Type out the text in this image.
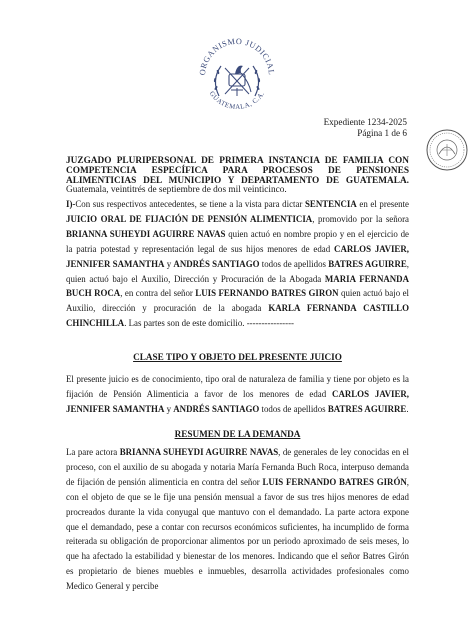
ORGANISMO JUDICIAL
GUATEMALA, C.A.
Expediente 1234-2025
Página 1 de 6
JUZGADO PLURIPERSONAL DE PRIMERA INSTANCIA DE FAMILIA CON COMPETENCIA ESPECÍFICA PARA PROCESOS DE PENSIONES ALIMENTICIAS DEL MUNICIPIO Y DEPARTAMENTO DE GUATEMALA. Guatemala, veintitrés de septiembre de dos mil veinticinco.
I)-Con sus respectivos antecedentes, se tiene a la vista para dictar SENTENCIA en el presente JUICIO ORAL DE FIJACIÓN DE PENSIÓN ALIMENTICIA, promovido por la señora BRIANNA SUHEYDI AGUIRRE NAVAS quien actuó en nombre propio y en el ejercicio de la patria potestad y representación legal de sus hijos menores de edad CARLOS JAVIER, JENNIFER SAMANTHA y ANDRÉS SANTIAGO todos de apellidos BATRES AGUIRRE, quien actuó bajo el Auxilio, Dirección y Procuración de la Abogada MARIA FERNANDA BUCH ROCA, en contra del señor LUIS FERNANDO BATRES GIRON quien actuó bajo el Auxilio, dirección y procuración de la abogada KARLA FERNANDA CASTILLO CHINCHILLA. Las partes son de este domicilio. ----------------
CLASE TIPO Y OBJETO DEL PRESENTE JUICIO
El presente juicio es de conocimiento, tipo oral de naturaleza de familia y tiene por objeto es la fijación de Pensión Alimenticia a favor de los menores de edad CARLOS JAVIER, JENNIFER SAMANTHA y ANDRÉS SANTIAGO todos de apellidos BATRES AGUIRRE.
RESUMEN DE LA DEMANDA
La pare actora BRIANNA SUHEYDI AGUIRRE NAVAS, de generales de ley conocidas en el proceso, con el auxilio de su abogada y notaria María Fernanda Buch Roca, interpuso demanda de fijación de pensión alimenticia en contra del señor LUIS FERNANDO BATRES GIRÓN, con el objeto de que se le fije una pensión mensual a favor de sus tres hijos menores de edad procreados durante la vida conyugal que mantuvo con el demandado. La parte actora expone que el demandado, pese a contar con recursos económicos suficientes, ha incumplido de forma reiterada su obligación de proporcionar alimentos por un periodo aproximado de seis meses, lo que ha afectado la estabilidad y bienestar de los menores. Indicando que el señor Batres Girón es propietario de bienes muebles e inmuebles, desarrolla actividades profesionales como Medico General y percibe
